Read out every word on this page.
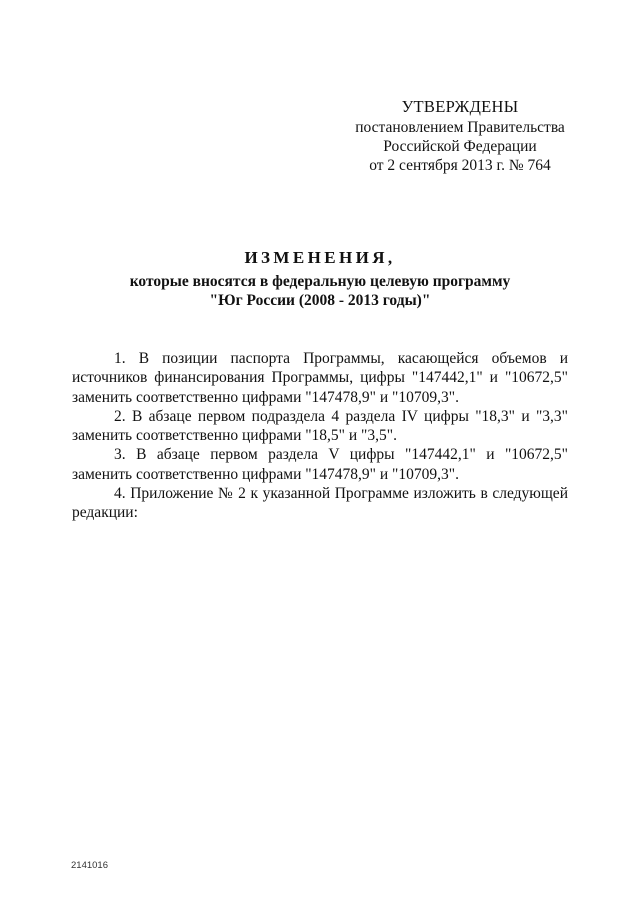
УТВЕРЖДЕНЫ
постановлением Правительства
Российской Федерации
от 2 сентября 2013 г. № 764
ИЗМЕНЕНИЯ,
которые вносятся в федеральную целевую программу
"Юг России (2008 - 2013 годы)"

1. В позиции паспорта Программы, касающейся объемов и источников финансирования Программы, цифры "147442,1" и "10672,5" заменить соответственно цифрами "147478,9" и "10709,3".

2. В абзаце первом подраздела 4 раздела IV цифры "18,3" и "3,3" заменить соответственно цифрами "18,5" и "3,5".

3. В абзаце первом раздела V цифры "147442,1" и "10672,5" заменить соответственно цифрами "147478,9" и "10709,3".

4. Приложение № 2 к указанной Программе изложить в следующей редакции:

2141016
